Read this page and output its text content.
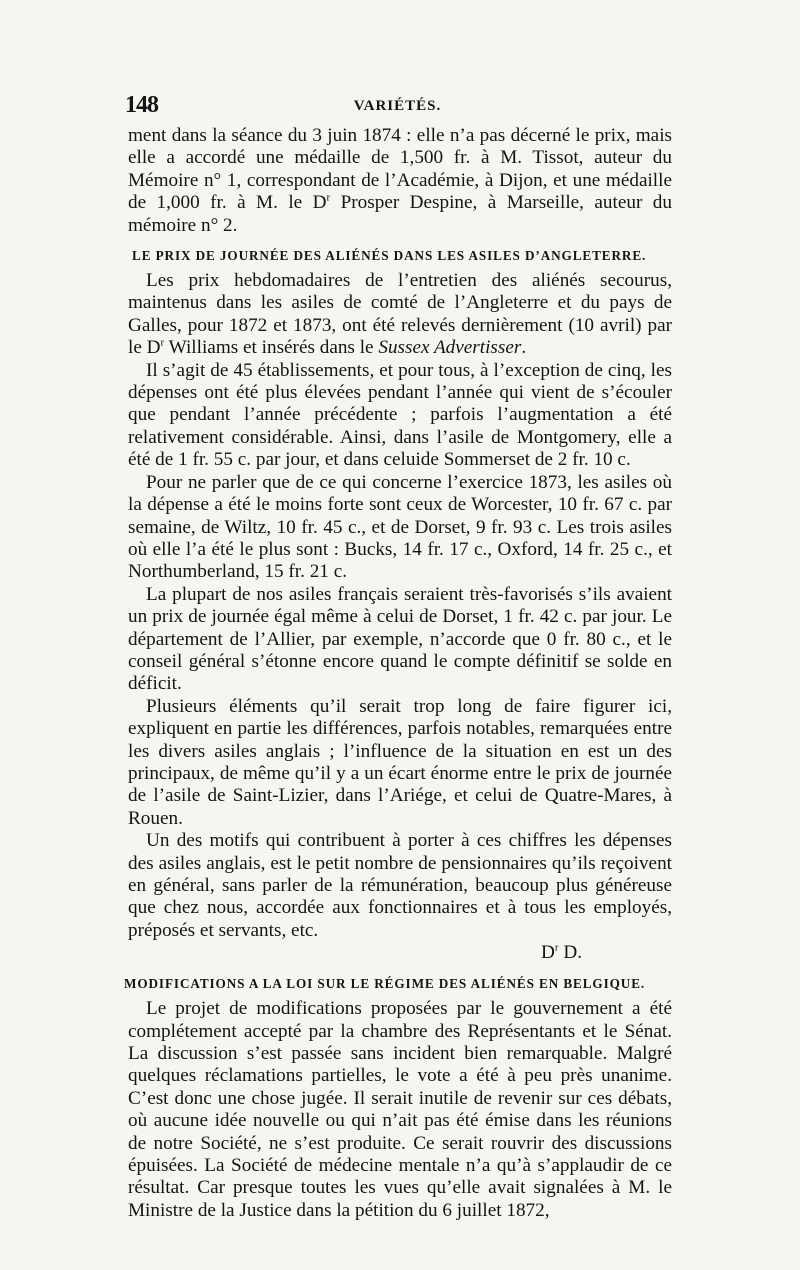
148	VARIÉTÉS.

ment dans la séance du 3 juin 1874 : elle n’a pas décerné le prix, mais elle a accordé une médaille de 1,500 fr. à M. Tissot, auteur du Mémoire n° 1, correspondant de l’Académie, à Dijon, et une médaille de 1,000 fr. à M. le $D^r$ Prosper Despine, à Marseille, auteur du mémoire n° 2.

LE PRIX DE JOURNÉE DES ALIÉNÉS DANS LES ASILES D’ANGLETERRE.

Les prix hebdomadaires de l’entretien des aliénés secourus, maintenus dans les asiles de comté de l’Angleterre et du pays de Galles, pour 1872 et 1873, ont été relevés dernièrement (10 avril) par le $D^r$ Williams et insérés dans le Sussex Advertisser.

Il s’agit de 45 établissements, et pour tous, à l’exception de cinq, les dépenses ont été plus élevées pendant l’année qui vient de s’écouler que pendant l’année précédente ; parfois l’augmentation a été relativement considérable. Ainsi, dans l’asile de Montgomery, elle a été de 1 fr. 55 c. par jour, et dans celuide Sommerset de 2 fr. 10 c.

Pour ne parler que de ce qui concerne l’exercice 1873, les asiles où la dépense a été le moins forte sont ceux de Worcester, 10 fr. 67 c. par semaine, de Wiltz, 10 fr. 45 c., et de Dorset, 9 fr. 93 c. Les trois asiles où elle l’a été le plus sont : Bucks, 14 fr. 17 c., Oxford, 14 fr. 25 c., et Northumberland, 15 fr. 21 c.

La plupart de nos asiles français seraient très-favorisés s’ils avaient un prix de journée égal même à celui de Dorset, 1 fr. 42 c. par jour. Le département de l’Allier, par exemple, n’accorde que 0 fr. 80 c., et le conseil général s’étonne encore quand le compte définitif se solde en déficit.

Plusieurs éléments qu’il serait trop long de faire figurer ici, expliquent en partie les différences, parfois notables, remarquées entre les divers asiles anglais ; l’influence de la situation en est un des principaux, de même qu’il y a un écart énorme entre le prix de journée de l’asile de Saint-Lizier, dans l’Ariége, et celui de Quatre-Mares, à Rouen.

Un des motifs qui contribuent à porter à ces chiffres les dépenses des asiles anglais, est le petit nombre de pensionnaires qu’ils reçoivent en général, sans parler de la rémunération, beaucoup plus généreuse que chez nous, accordée aux fonctionnaires et à tous les employés, préposés et servants, etc.

$D^r$ D.
MODIFICATIONS A LA LOI SUR LE RÉGIME DES ALIÉNÉS EN BELGIQUE.

Le projet de modifications proposées par le gouvernement a été complétement accepté par la chambre des Représentants et le Sénat. La discussion s’est passée sans incident bien remarquable. Malgré quelques réclamations partielles, le vote a été à peu près unanime. C’est donc une chose jugée. Il serait inutile de revenir sur ces débats, où aucune idée nouvelle ou qui n’ait pas été émise dans les réunions de notre Société, ne s’est produite. Ce serait rouvrir des discussions épuisées. La Société de médecine mentale n’a qu’à s’applaudir de ce résultat. Car presque toutes les vues qu’elle avait signalées à M. le Ministre de la Justice dans la pétition du 6 juillet 1872,
